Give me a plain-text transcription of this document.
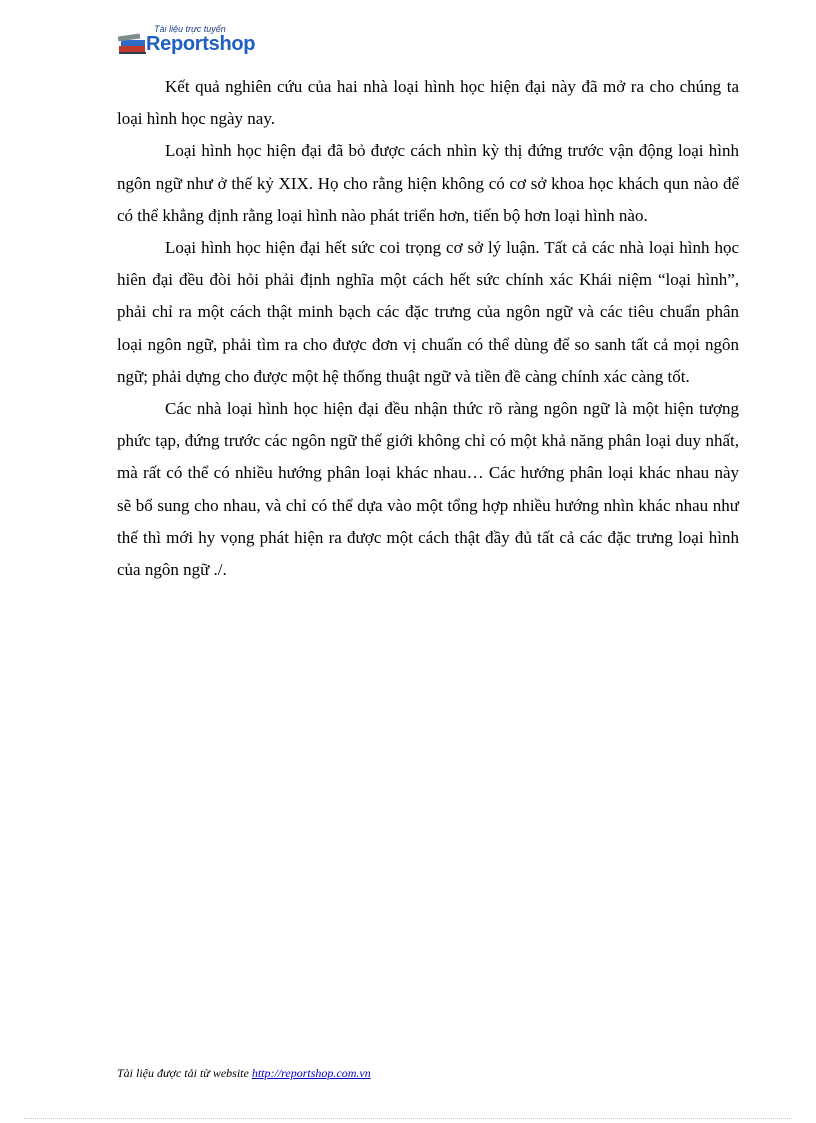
Tài liệu trực tuyến
Reportshop

Kết quả nghiên cứu của hai nhà loại hình học hiện đại này đã mở ra cho chúng ta loại hình học ngày nay.

Loại hình học hiện đại đã bỏ được cách nhìn kỳ thị đứng trước vận động loại hình ngôn ngữ như ở thế kỷ XIX. Họ cho rằng hiện không có cơ sở khoa học khách qun nào để có thể khẳng định rằng loại hình nào phát triển hơn, tiến bộ hơn loại hình nào.

Loại hình học hiện đại hết sức coi trọng cơ sở lý luận. Tất cả các nhà loại hình học hiên đại đều đòi hỏi phải định nghĩa một cách hết sức chính xác Khái niệm “loại hình”, phải chỉ ra một cách thật minh bạch các đặc trưng của ngôn ngữ và các tiêu chuẩn phân loại ngôn ngữ, phải tìm ra cho được đơn vị chuẩn có thể dùng để so sanh tất cả mọi ngôn ngữ; phải dựng cho được một hệ thống thuật ngữ và tiền đề càng chính xác càng tốt.

Các nhà loại hình học hiện đại đều nhận thức rõ ràng ngôn ngữ là một hiện tượng phức tạp, đứng trước các ngôn ngữ thế giới không chỉ có một khả năng phân loại duy nhất, mà rất có thể có nhiều hướng phân loại khác nhau… Các hướng phân loại khác nhau này sẽ bổ sung cho nhau, và chỉ có thể dựa vào một tổng hợp nhiều hướng nhìn khác nhau như thế thì mới hy vọng phát hiện ra được một cách thật đầy đủ tất cả các đặc trưng loại hình của ngôn ngữ ./.

Tài liệu được tải từ website http://reportshop.com.vn
